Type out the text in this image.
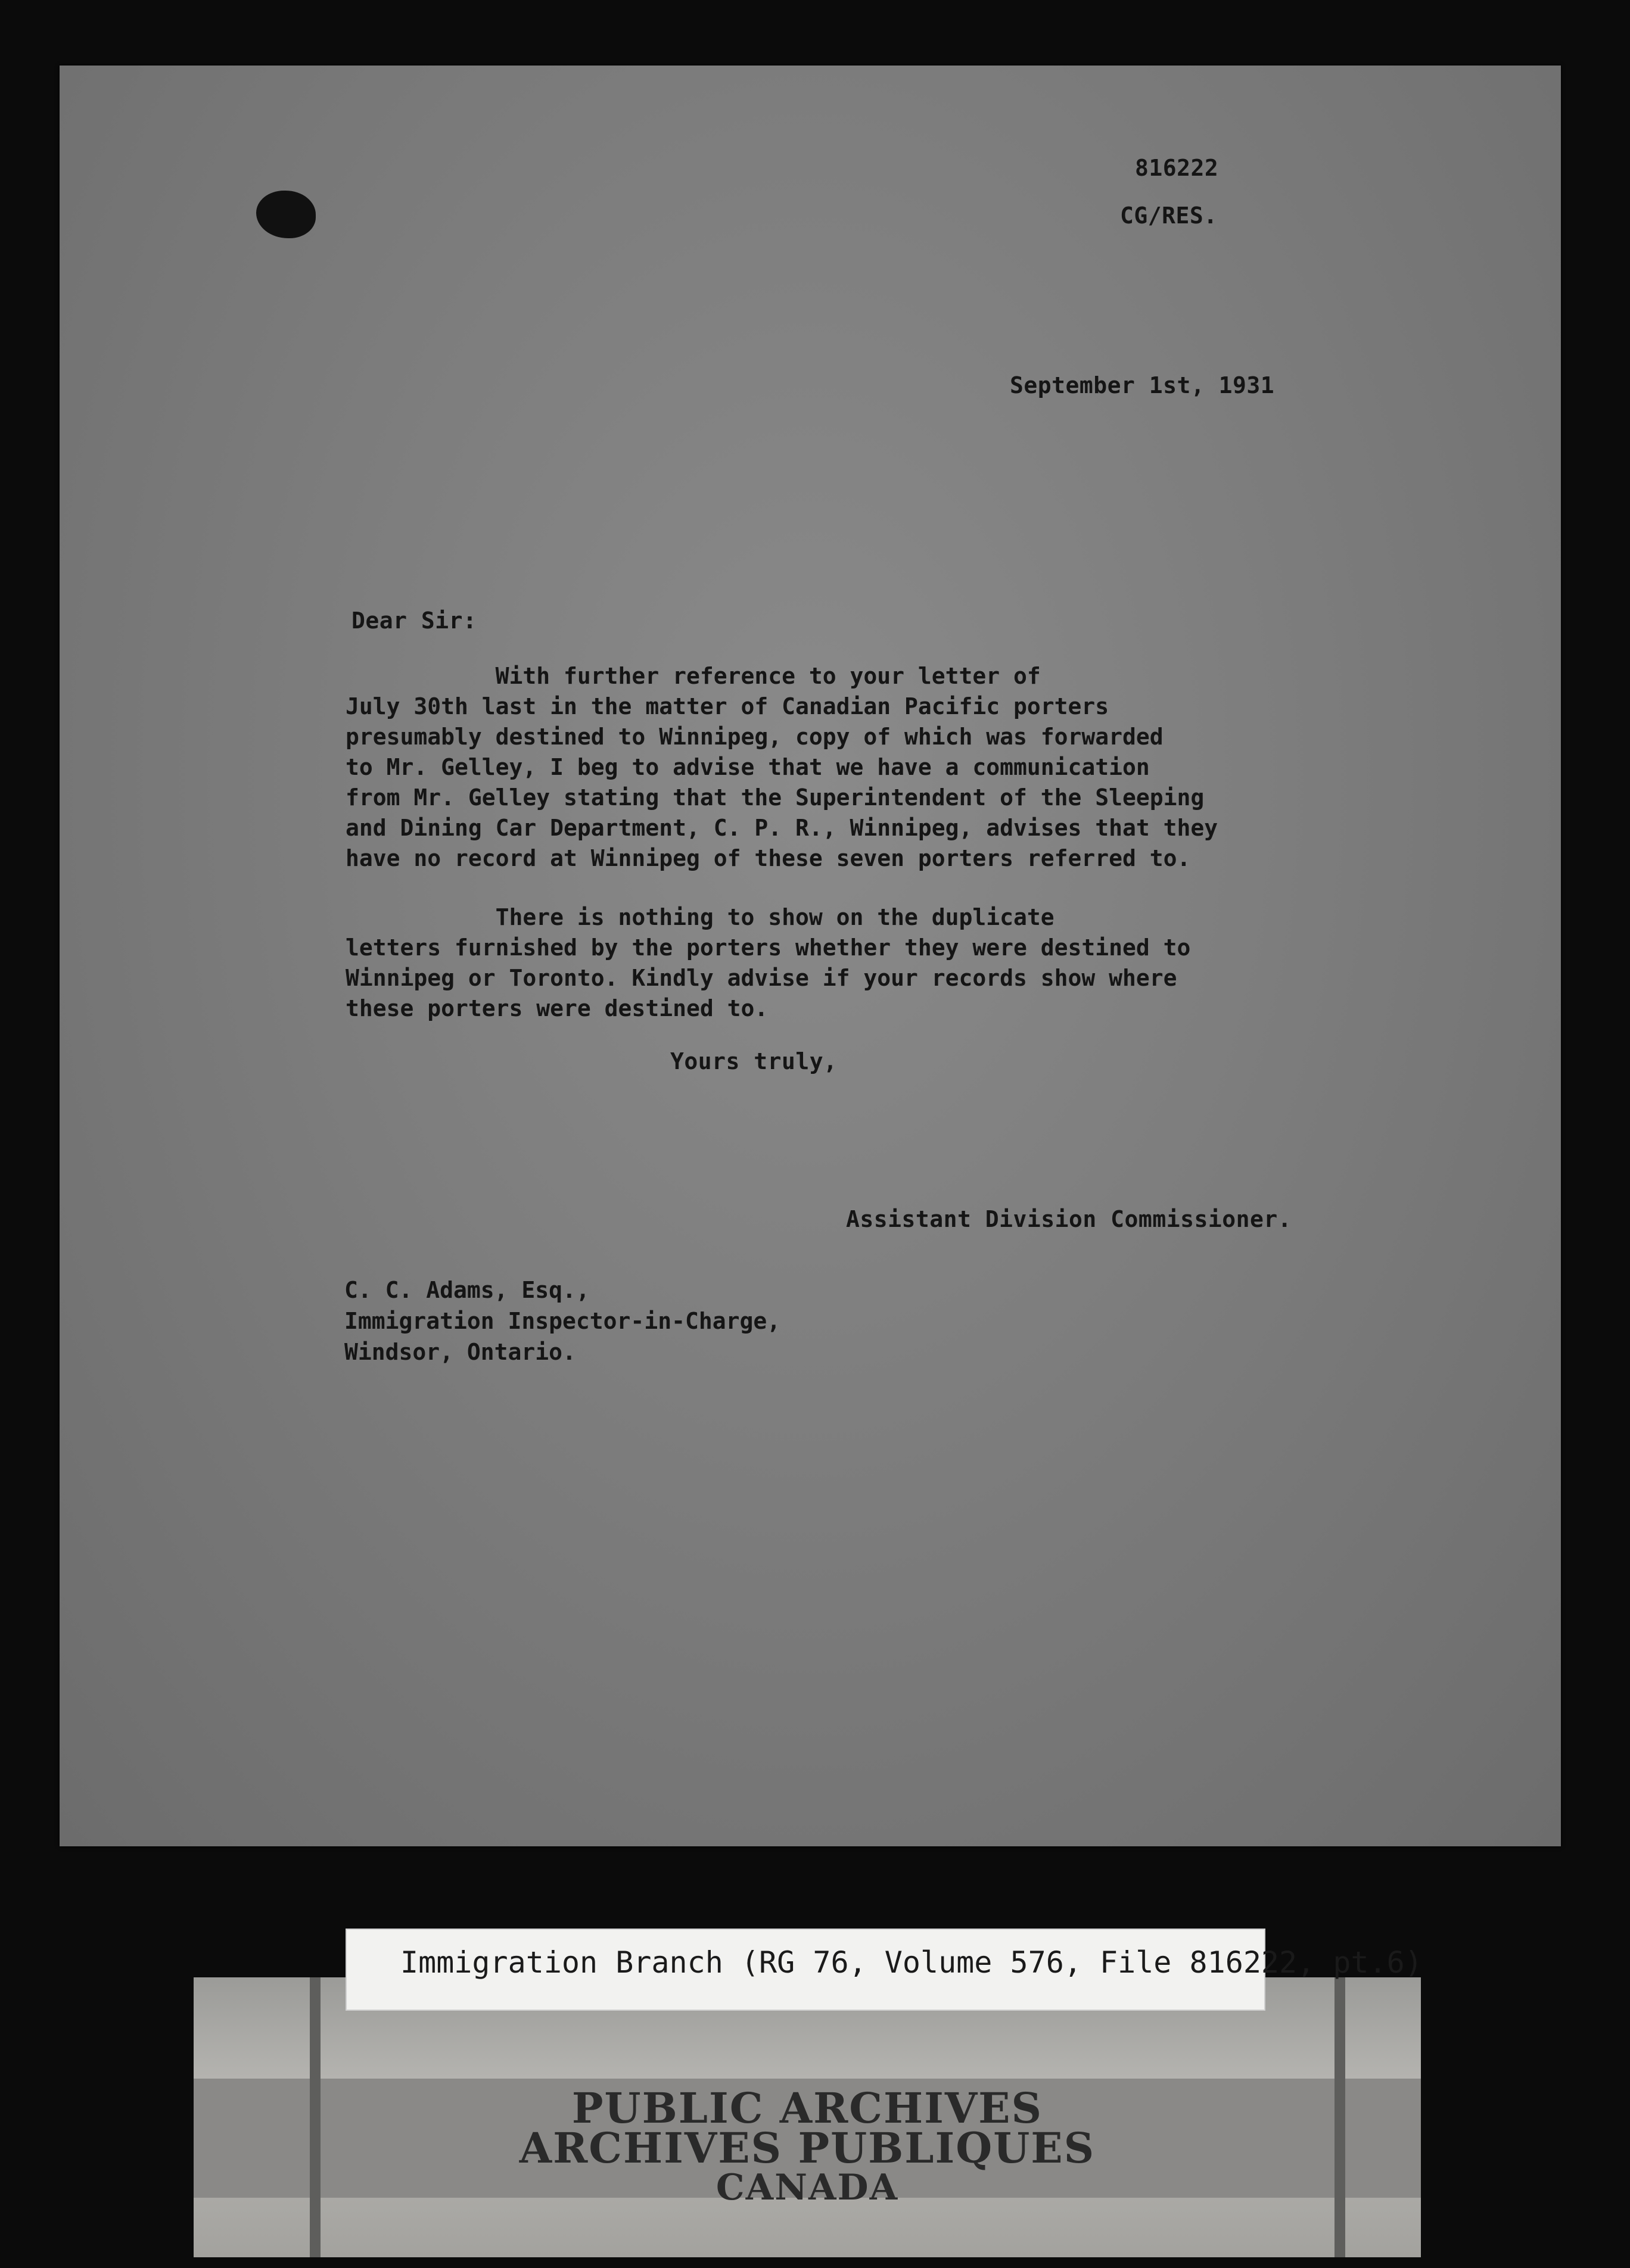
816222

CG/RES.

September 1st, 1931

Dear Sir:

With further reference to your letter of
July 30th last in the matter of Canadian Pacific porters
presumably destined to Winnipeg, copy of which was forwarded
to Mr. Gelley, I beg to advise that we have a communication
from Mr. Gelley stating that the Superintendent of the Sleeping
and Dining Car Department, C. P. R., Winnipeg, advises that they
have no record at Winnipeg of these seven porters referred to.
There is nothing to show on the duplicate
letters furnished by the porters whether they were destined to
Winnipeg or Toronto. Kindly advise if your records show where
these porters were destined to.

Yours truly,

Assistant Division Commissioner.

C. C. Adams, Esq.,
Immigration Inspector-in-Charge,
Windsor, Ontario.

PUBLIC ARCHIVES

ARCHIVES PUBLIQUES

CANADA

Immigration Branch (RG 76, Volume 576, File 816222, pt.6)
